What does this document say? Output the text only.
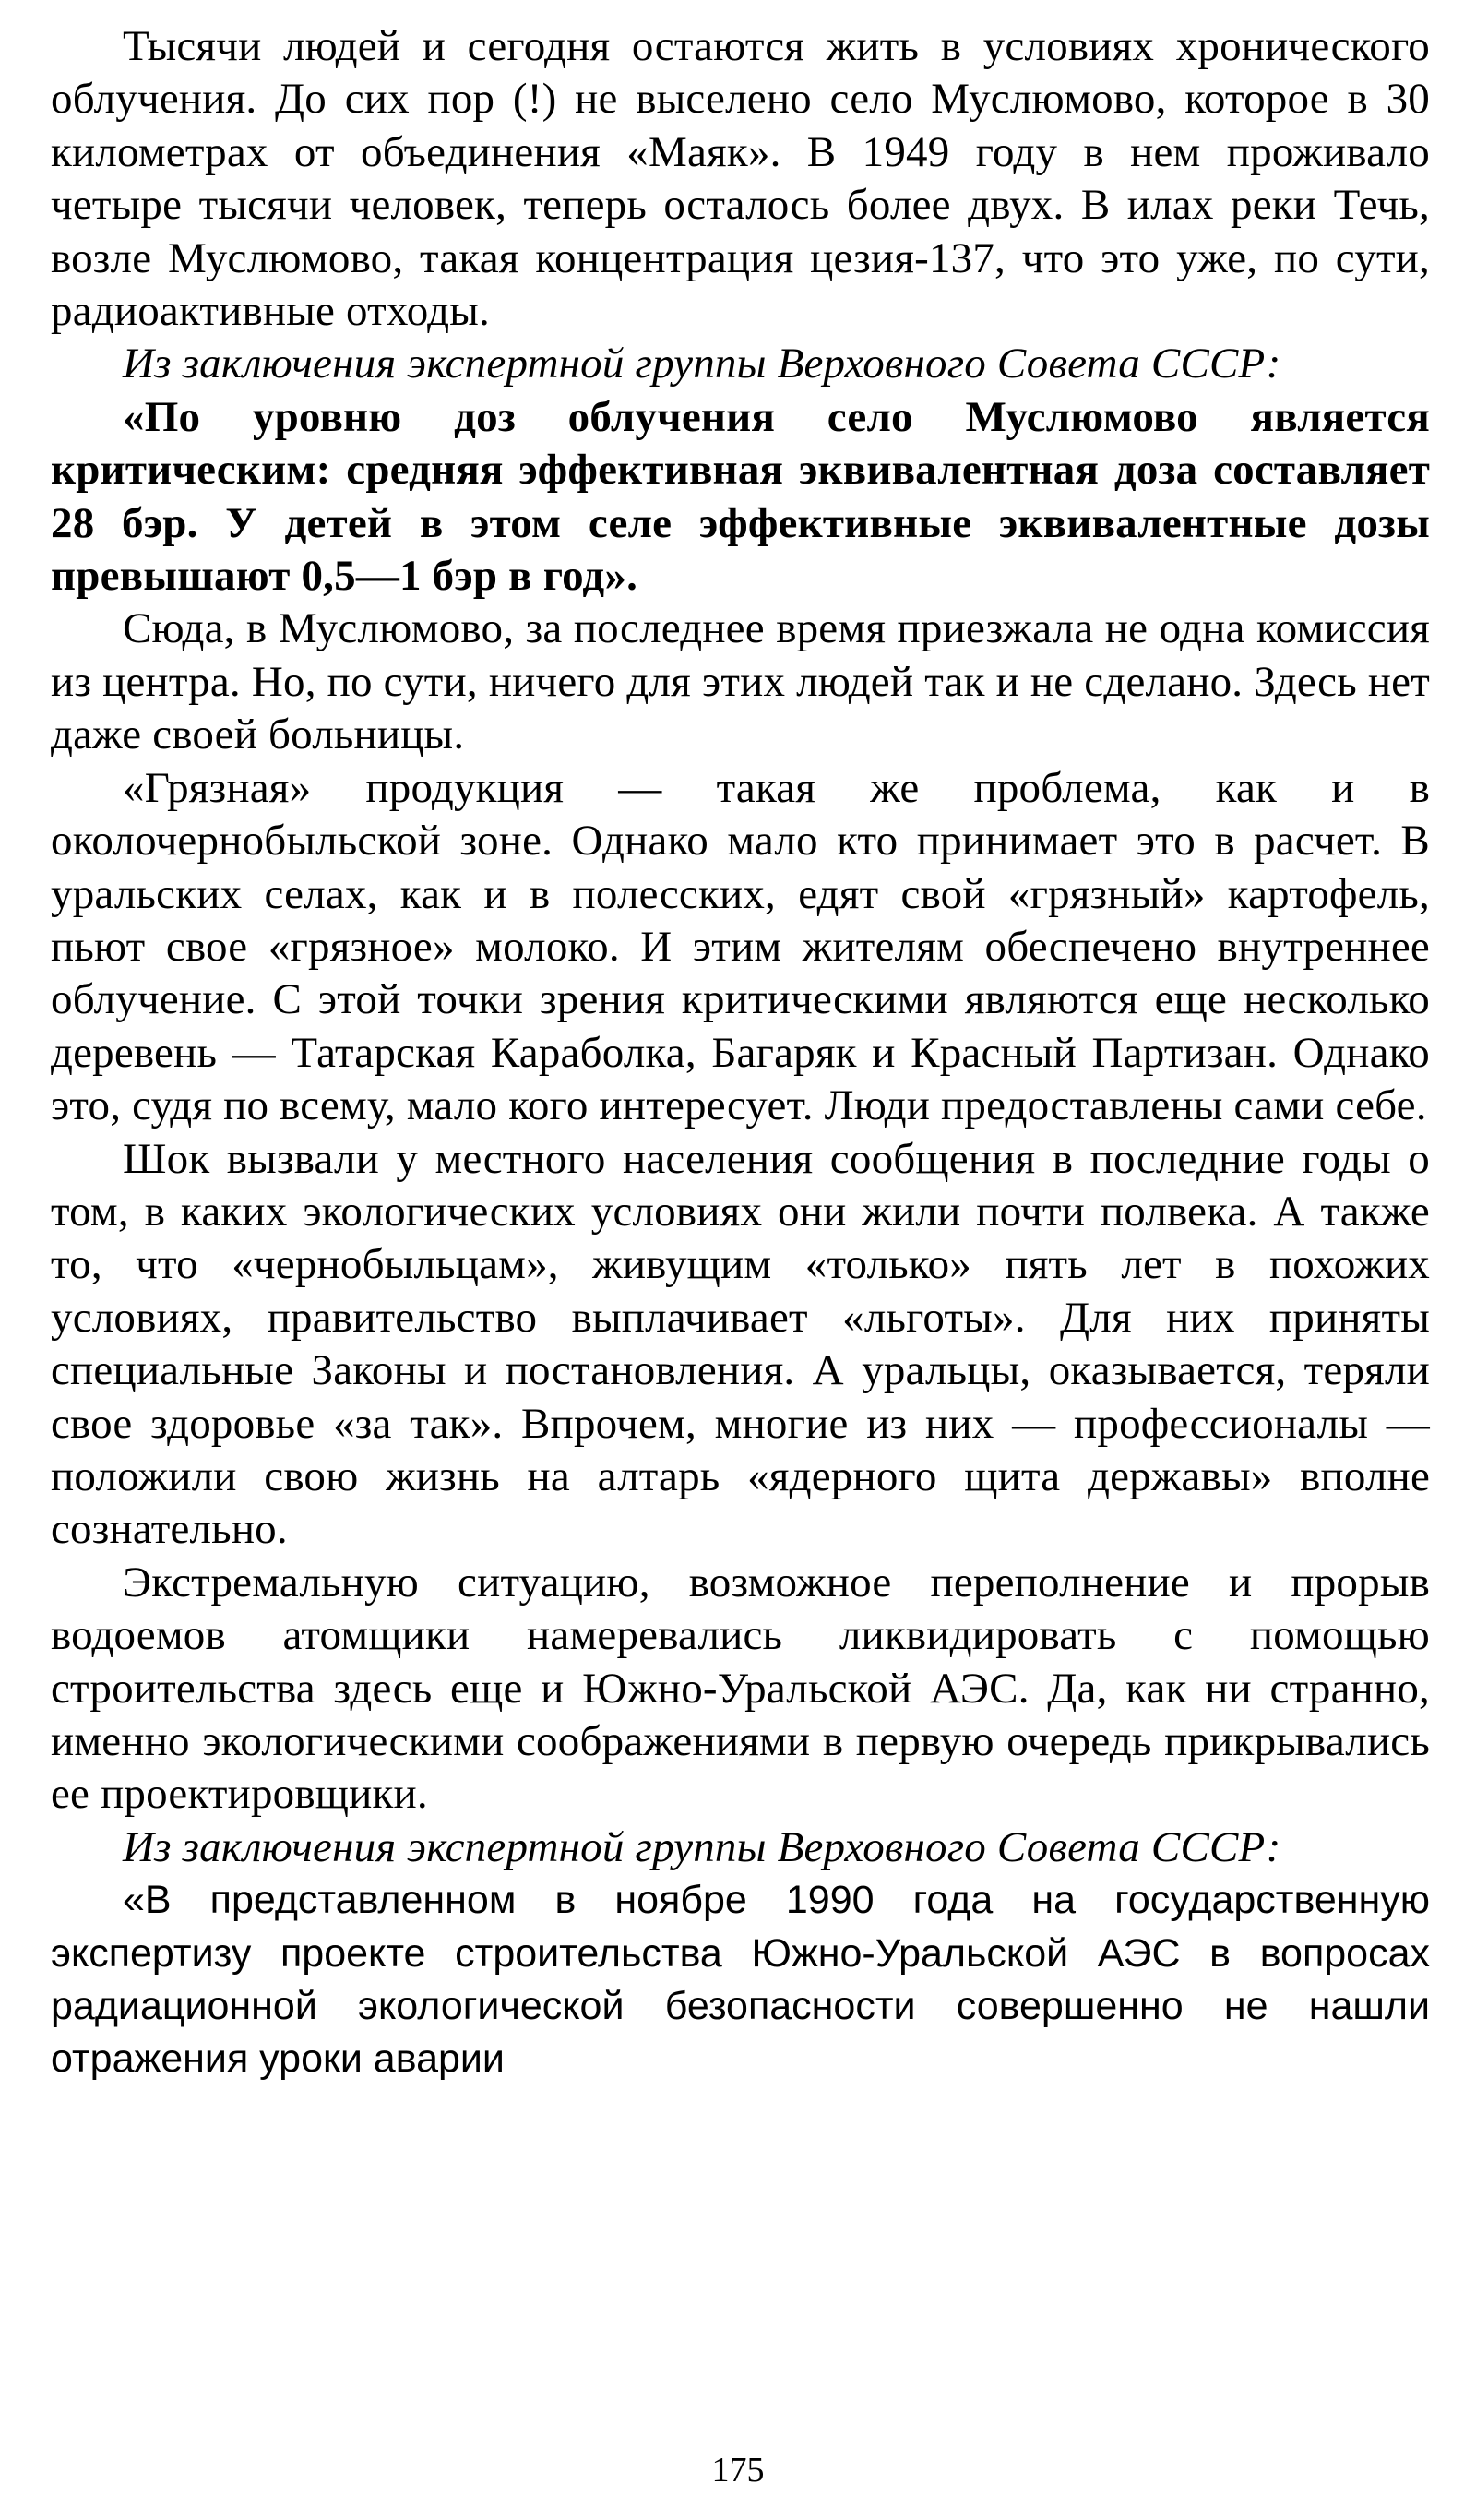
Тысячи людей и сегодня остаются жить в условиях хронического облучения. До сих пор (!) не выселено село Муслюмово, которое в 30 километрах от объединения «Маяк». В 1949 году в нем проживало четыре тысячи человек, теперь осталось более двух. В илах реки Течь, возле Муслюмово, такая концентрация цезия-137, что это уже, по сути, радиоактивные отходы.

Из заключения экспертной группы Верховного Совета СССР:

«По уровню доз облучения село Муслюмово является критическим: средняя эффективная эквивалентная доза составляет 28 бэр. У детей в этом селе эффективные эквивалентные дозы превышают 0,5—1 бэр в год».

Сюда, в Муслюмово, за последнее время приезжала не одна комиссия из центра. Но, по сути, ничего для этих людей так и не сделано. Здесь нет даже своей больницы.

«Грязная» продукция — такая же проблема, как и в околочернобыльской зоне. Однако мало кто принимает это в расчет. В уральских селах, как и в полесских, едят свой «грязный» картофель, пьют свое «грязное» молоко. И этим жителям обеспечено внутреннее облучение. С этой точки зрения критическими являются еще несколько деревень — Татарская Караболка, Багаряк и Красный Партизан. Однако это, судя по всему, мало кого интересует. Люди предоставлены сами себе.

Шок вызвали у местного населения сообщения в последние годы о том, в каких экологических условиях они жили почти полвека. А также то, что «чернобыльцам», живущим «только» пять лет в похожих условиях, правительство выплачивает «льготы». Для них приняты специальные Законы и постановления. А уральцы, оказывается, теряли свое здоровье «за так». Впрочем, многие из них — профессионалы — положили свою жизнь на алтарь «ядерного щита державы» вполне сознательно.

Экстремальную ситуацию, возможное переполнение и прорыв водоемов атомщики намеревались ликвидировать с помощью строительства здесь еще и Южно-Уральской АЭС. Да, как ни странно, именно экологическими соображениями в первую очередь прикрывались ее проектировщики.

Из заключения экспертной группы Верховного Совета СССР:

«В представленном в ноябре 1990 года на государственную экспертизу проекте строительства Южно-Уральской АЭС в вопросах радиационной экологической безопасности совершенно не нашли отражения уроки аварии

175
